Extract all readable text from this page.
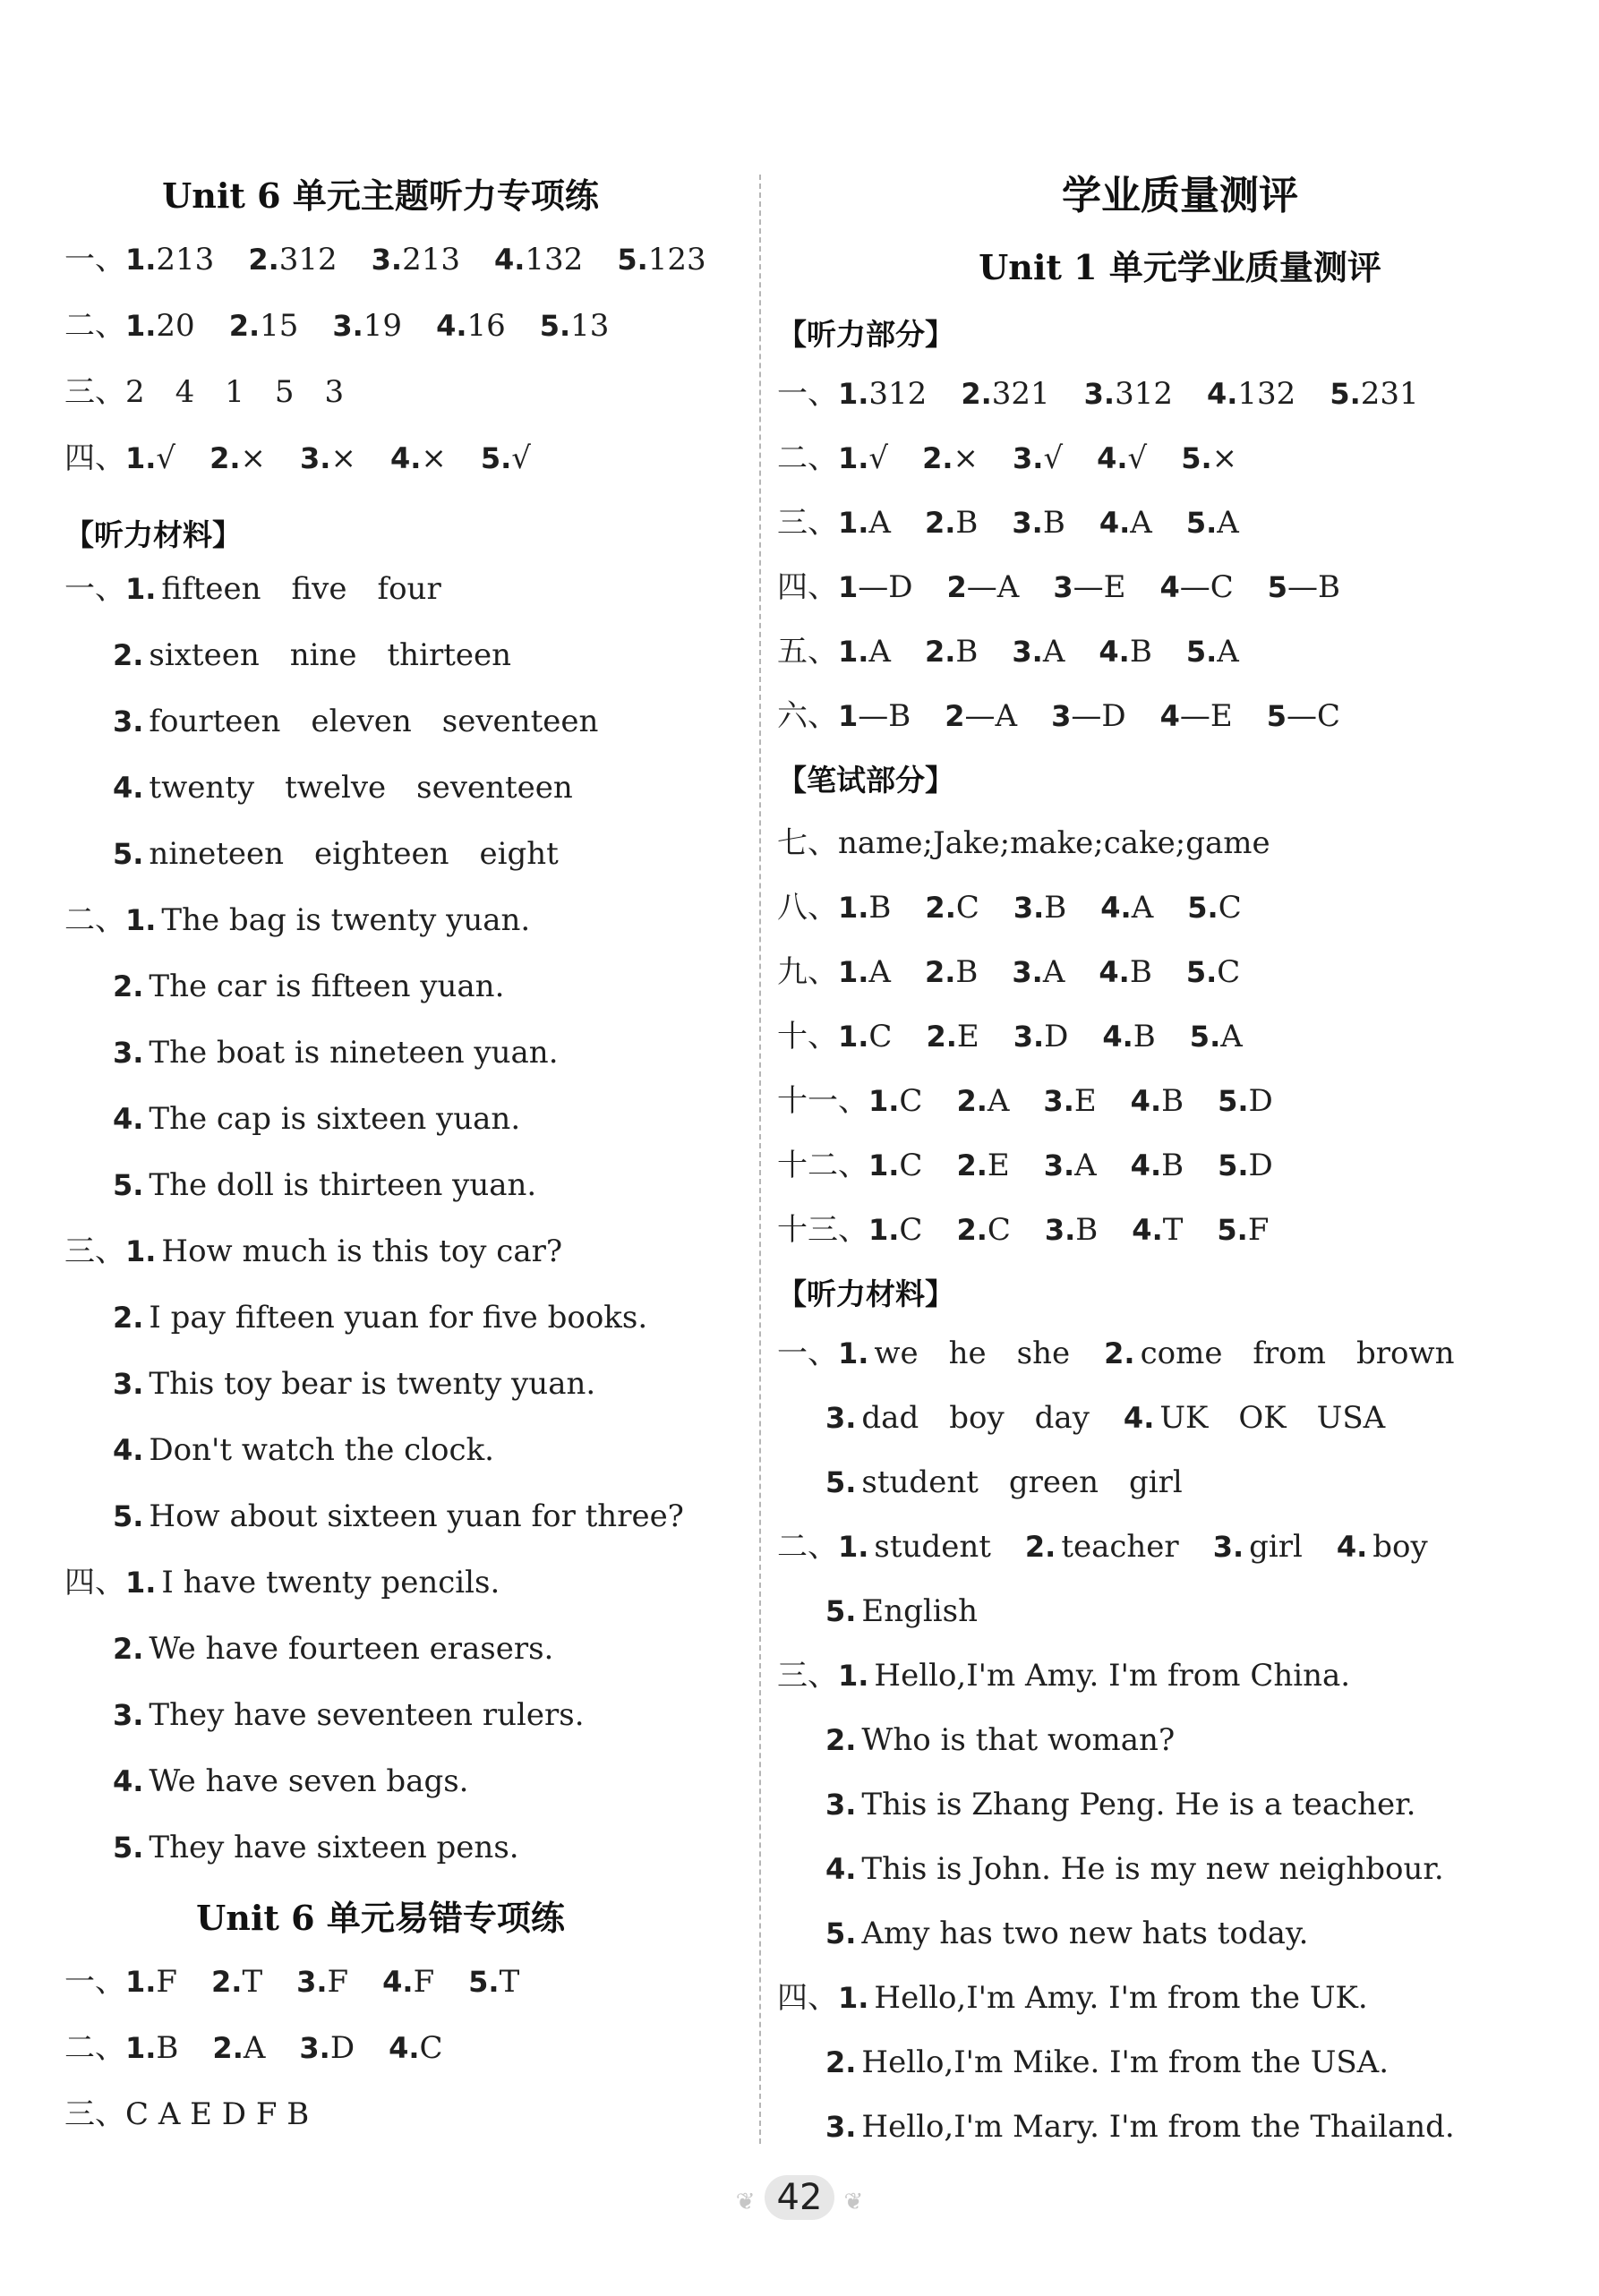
Unit 6 单元主题听力专项练
一、1.213 2.312 3.213 4.132 5.123
二、1.20 2.15 3.19 4.16 5.13
三、2　4　1　5　3
四、1.√ 2.× 3.× 4.× 5.√
【听力材料】
一、1. fifteen　five　four
2. sixteen　nine　thirteen
3. fourteen　eleven　seventeen
4. twenty　twelve　seventeen
5. nineteen　eighteen　eight
二、1. The bag is twenty yuan.
2. The car is fifteen yuan.
3. The boat is nineteen yuan.
4. The cap is sixteen yuan.
5. The doll is thirteen yuan.
三、1. How much is this toy car?
2. I pay fifteen yuan for five books.
3. This toy bear is twenty yuan.
4. Don't watch the clock.
5. How about sixteen yuan for three?
四、1. I have twenty pencils.
2. We have fourteen erasers.
3. They have seventeen rulers.
4. We have seven bags.
5. They have sixteen pens.
Unit 6 单元易错专项练
一、1.F 2.T 3.F 4.F 5.T
二、1.B 2.A 3.D 4.C
三、C A E D F B
学业质量测评
Unit 1 单元学业质量测评
【听力部分】
一、1.312 2.321 3.312 4.132 5.231
二、1.√ 2.× 3.√ 4.√ 5.×
三、1.A 2.B 3.B 4.A 5.A
四、1—D 2—A 3—E 4—C 5—B
五、1.A 2.B 3.A 4.B 5.A
六、1—B 2—A 3—D 4—E 5—C
【笔试部分】
七、name;Jake;make;cake;game
八、1.B 2.C 3.B 4.A 5.C
九、1.A 2.B 3.A 4.B 5.C
十、1.C 2.E 3.D 4.B 5.A
十一、1.C 2.A 3.E 4.B 5.D
十二、1.C 2.E 3.A 4.B 5.D
十三、1.C 2.C 3.B 4.T 5.F
【听力材料】
一、1. we　he　she 2. come　from　brown
3. dad　boy　day 4. UK　OK　USA
5. student　green　girl
二、1. student 2. teacher 3. girl 4. boy
5. English
三、1. Hello,I'm Amy. I'm from China.
2. Who is that woman?
3. This is Zhang Peng. He is a teacher.
4. This is John. He is my new neighbour.
5. Amy has two new hats today.
四、1. Hello,I'm Amy. I'm from the UK.
2. Hello,I'm Mike. I'm from the USA.
3. Hello,I'm Mary. I'm from the Thailand.
❦ 42 ❦
